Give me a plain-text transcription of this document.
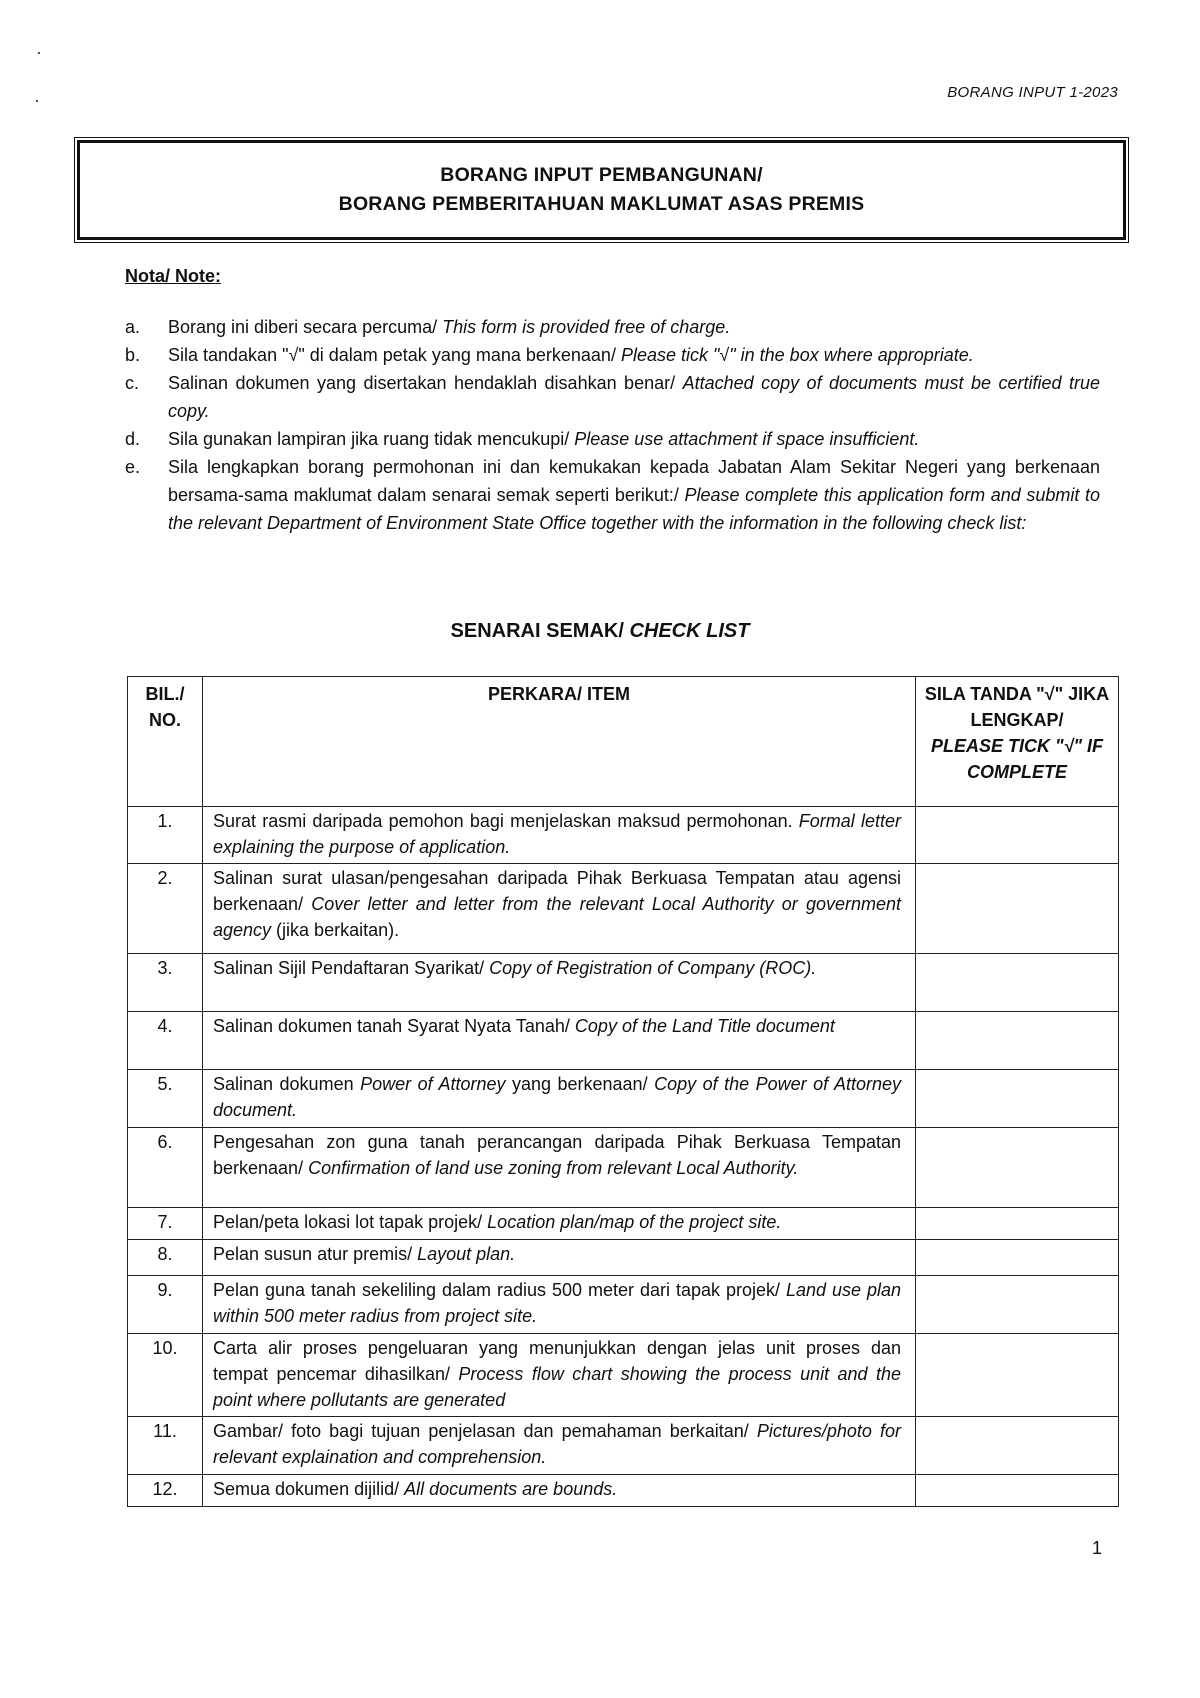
BORANG INPUT 1-2023
BORANG INPUT PEMBANGUNAN/
BORANG PEMBERITAHUAN MAKLUMAT ASAS PREMIS
Nota/ Note:
a.	Borang ini diberi secara percuma/ This form is provided free of charge.
b.	Sila tandakan "√" di dalam petak yang mana berkenaan/ Please tick "√" in the box where appropriate.
c.	Salinan dokumen yang disertakan hendaklah disahkan benar/ Attached copy of documents must be certified true copy.
d.	Sila gunakan lampiran jika ruang tidak mencukupi/ Please use attachment if space insufficient.
e.	Sila lengkapkan borang permohonan ini dan kemukakan kepada Jabatan Alam Sekitar Negeri yang berkenaan bersama-sama maklumat dalam senarai semak seperti berikut:/ Please complete this application form and submit to the relevant Department of Environment State Office together with the information in the following check list:
SENARAI SEMAK/ CHECK LIST
BIL./ NO.	PERKARA/ ITEM	SILA TANDA "√" JIKA LENGKAP/
PLEASE TICK "√" IF COMPLETE
1.	Surat rasmi daripada pemohon bagi menjelaskan maksud permohonan. Formal letter explaining the purpose of application.	
2.	Salinan surat ulasan/pengesahan daripada Pihak Berkuasa Tempatan atau agensi berkenaan/ Cover letter and letter from the relevant Local Authority or government agency (jika berkaitan).	
3.	Salinan Sijil Pendaftaran Syarikat/ Copy of Registration of Company (ROC).	
4.	Salinan dokumen tanah Syarat Nyata Tanah/ Copy of the Land Title document	
5.	Salinan dokumen Power of Attorney yang berkenaan/ Copy of the Power of Attorney document.	
6.	Pengesahan zon guna tanah perancangan daripada Pihak Berkuasa Tempatan berkenaan/ Confirmation of land use zoning from relevant Local Authority.	
7.	Pelan/peta lokasi lot tapak projek/ Location plan/map of the project site.	
8.	Pelan susun atur premis/ Layout plan.	
9.	Pelan guna tanah sekeliling dalam radius 500 meter dari tapak projek/ Land use plan within 500 meter radius from project site.	
10.	Carta alir proses pengeluaran yang menunjukkan dengan jelas unit proses dan tempat pencemar dihasilkan/ Process flow chart showing the process unit and the point where pollutants are generated	
11.	Gambar/ foto bagi tujuan penjelasan dan pemahaman berkaitan/ Pictures/photo for relevant explaination and comprehension.	
12.	Semua dokumen dijilid/ All documents are bounds.	
1
